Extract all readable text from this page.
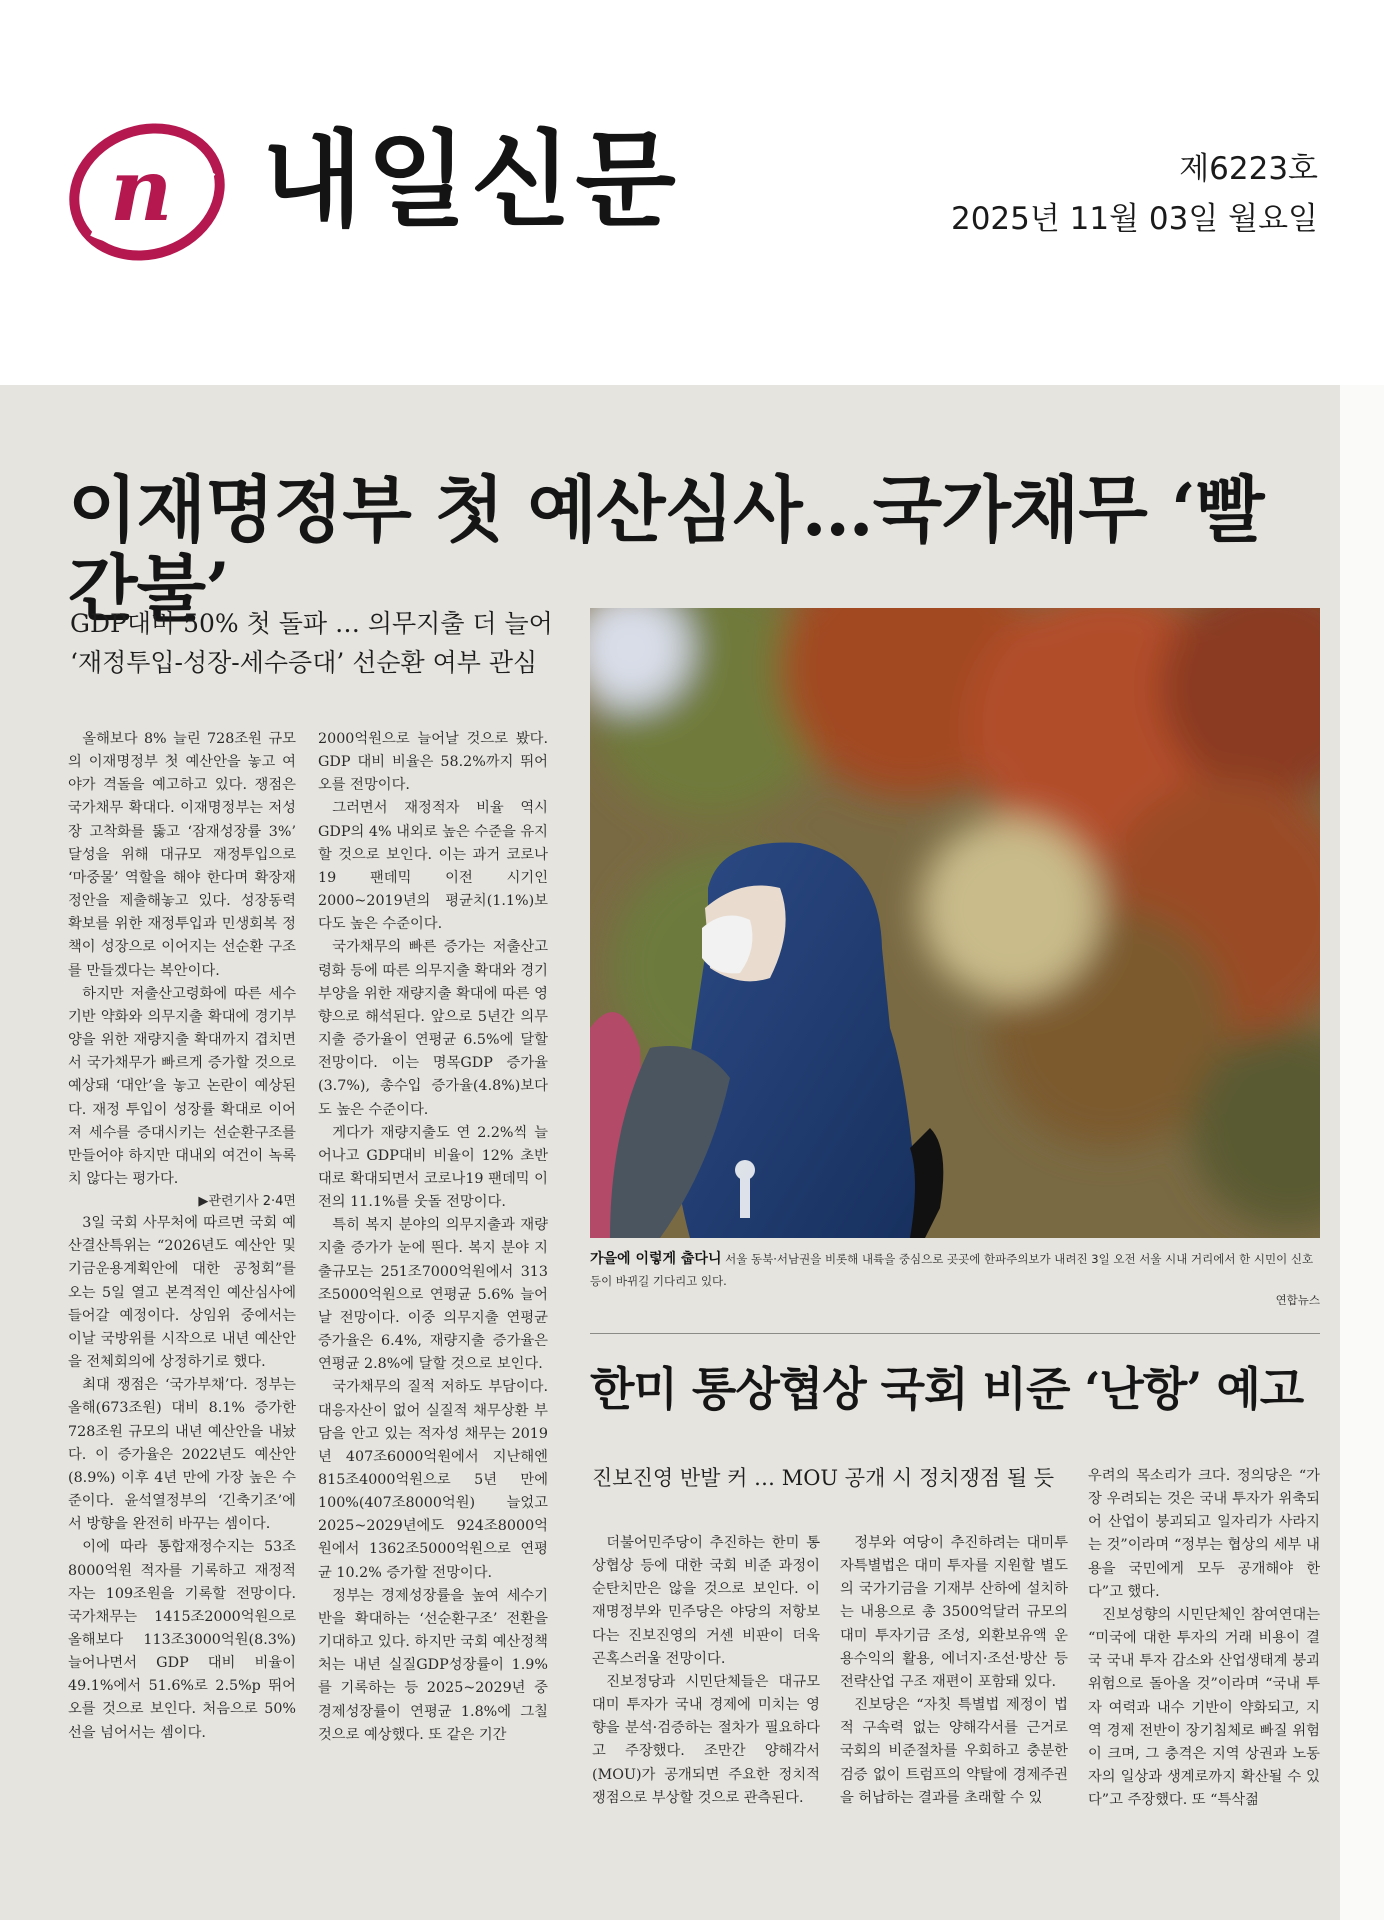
n 내일신문	제6223호
2025년 11월 03일 월요일
이재명정부 첫 예산심사…국가채무 ‘빨간불’
GDP대비 50% 첫 돌파 … 의무지출 더 늘어
‘재정투입-성장-세수증대’ 선순환 여부 관심

올해보다 8% 늘린 728조원 규모의 이재명정부 첫 예산안을 놓고 여야가 격돌을 예고하고 있다. 쟁점은 국가채무 확대다. 이재명정부는 저성장 고착화를 뚫고 ‘잠재성장률 3%’ 달성을 위해 대규모 재정투입으로 ‘마중물’ 역할을 해야 한다며 확장재정안을 제출해놓고 있다. 성장동력 확보를 위한 재정투입과 민생회복 정책이 성장으로 이어지는 선순환 구조를 만들겠다는 복안이다.

하지만 저출산고령화에 따른 세수기반 약화와 의무지출 확대에 경기부양을 위한 재량지출 확대까지 겹치면서 국가채무가 빠르게 증가할 것으로 예상돼 ‘대안’을 놓고 논란이 예상된다. 재정 투입이 성장률 확대로 이어져 세수를 증대시키는 선순환구조를 만들어야 하지만 대내외 여건이 녹록치 않다는 평가다.

▶관련기사 2·4면

3일 국회 사무처에 따르면 국회 예산결산특위는 “2026년도 예산안 및 기금운용계획안에 대한 공청회”를 오는 5일 열고 본격적인 예산심사에 들어갈 예정이다. 상임위 중에서는 이날 국방위를 시작으로 내년 예산안을 전체회의에 상정하기로 했다.

최대 쟁점은 ‘국가부채’다. 정부는 올해(673조원) 대비 8.1% 증가한 728조원 규모의 내년 예산안을 내놨다. 이 증가율은 2022년도 예산안(8.9%) 이후 4년 만에 가장 높은 수준이다. 윤석열정부의 ‘긴축기조’에서 방향을 완전히 바꾸는 셈이다.

이에 따라 통합재정수지는 53조8000억원 적자를 기록하고 재정적자는 109조원을 기록할 전망이다. 국가채무는 1415조2000억원으로 올해보다 113조3000억원(8.3%) 늘어나면서 GDP 대비 비율이 49.1%에서 51.6%로 2.5%p 뛰어오를 것으로 보인다. 처음으로 50%선을 넘어서는 셈이다.

2000억원으로 늘어날 것으로 봤다. GDP 대비 비율은 58.2%까지 뛰어 오를 전망이다.

그러면서 재정적자 비율 역시 GDP의 4% 내외로 높은 수준을 유지할 것으로 보인다. 이는 과거 코로나19 팬데믹 이전 시기인 2000~2019년의 평균치(1.1%)보다도 높은 수준이다.

국가채무의 빠른 증가는 저출산고령화 등에 따른 의무지출 확대와 경기부양을 위한 재량지출 확대에 따른 영향으로 해석된다. 앞으로 5년간 의무지출 증가율이 연평균 6.5%에 달할 전망이다. 이는 명목GDP 증가율(3.7%), 총수입 증가율(4.8%)보다도 높은 수준이다.

게다가 재량지출도 연 2.2%씩 늘어나고 GDP대비 비율이 12% 초반대로 확대되면서 코로나19 팬데믹 이전의 11.1%를 웃돌 전망이다.

특히 복지 분야의 의무지출과 재량지출 증가가 눈에 띈다. 복지 분야 지출규모는 251조7000억원에서 313조5000억원으로 연평균 5.6% 늘어날 전망이다. 이중 의무지출 연평균 증가율은 6.4%, 재량지출 증가율은 연평균 2.8%에 달할 것으로 보인다.

국가채무의 질적 저하도 부담이다. 대응자산이 없어 실질적 채무상환 부담을 안고 있는 적자성 채무는 2019년 407조6000억원에서 지난해엔 815조4000억원으로 5년 만에 100%(407조8000억원) 늘었고 2025~2029년에도 924조8000억원에서 1362조5000억원으로 연평균 10.2% 증가할 전망이다.

정부는 경제성장률을 높여 세수기반을 확대하는 ‘선순환구조’ 전환을 기대하고 있다. 하지만 국회 예산정책처는 내년 실질GDP성장률이 1.9%를 기록하는 등 2025~2029년 중 경제성장률이 연평균 1.8%에 그칠 것으로 예상했다. 또 같은 기간

가을에 이렇게 춥다니 서울 동북·서남권을 비롯해 내륙을 중심으로 곳곳에 한파주의보가 내려진 3일 오전 서울 시내 거리에서 한 시민이 신호등이 바뀌길 기다리고 있다.
연합뉴스
한미 통상협상 국회 비준 ‘난항’ 예고
진보진영 반발 커 … MOU 공개 시 정치쟁점 될 듯

더불어민주당이 추진하는 한미 통상협상 등에 대한 국회 비준 과정이 순탄치만은 않을 것으로 보인다. 이재명정부와 민주당은 야당의 저항보다는 진보진영의 거센 비판이 더욱 곤혹스러울 전망이다.

진보정당과 시민단체들은 대규모 대미 투자가 국내 경제에 미치는 영향을 분석·검증하는 절차가 필요하다고 주장했다. 조만간 양해각서(MOU)가 공개되면 주요한 정치적 쟁점으로 부상할 것으로 관측된다.

정부와 여당이 추진하려는 대미투자특별법은 대미 투자를 지원할 별도의 국가기금을 기재부 산하에 설치하는 내용으로 총 3500억달러 규모의 대미 투자기금 조성, 외환보유액 운용수익의 활용, 에너지·조선·방산 등 전략산업 구조 재편이 포함돼 있다.

진보당은 “자칫 특별법 제정이 법적 구속력 없는 양해각서를 근거로 국회의 비준절차를 우회하고 충분한 검증 없이 트럼프의 약탈에 경제주권을 허납하는 결과를 초래할 수 있

우려의 목소리가 크다. 정의당은 “가장 우려되는 것은 국내 투자가 위축되어 산업이 붕괴되고 일자리가 사라지는 것”이라며 “정부는 협상의 세부 내용을 국민에게 모두 공개해야 한다”고 했다.

진보성향의 시민단체인 참여연대는 “미국에 대한 투자의 거래 비용이 결국 국내 투자 감소와 산업생태계 붕괴 위험으로 돌아올 것”이라며 “국내 투자 여력과 내수 기반이 약화되고, 지역 경제 전반이 장기침체로 빠질 위험이 크며, 그 충격은 지역 상권과 노동자의 일상과 생계로까지 확산될 수 있다”고 주장했다. 또 “특삭젊
